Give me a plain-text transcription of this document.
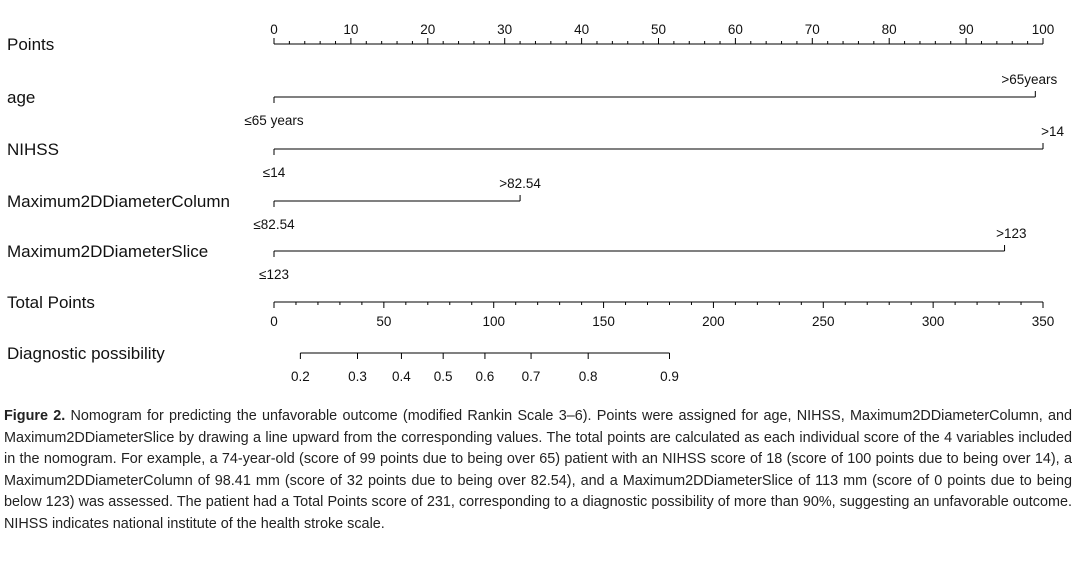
Points
0	10	20	30	40	50	60	70	80	90	100
age
≤65 years
>65years
NIHSS
≤14
>14
Maximum2DDiameterColumn
≤82.54
>82.54
Maximum2DDiameterSlice
≤123
>123
Total Points
0	50	100	150	200	250	300	350
Diagnostic possibility
0.2	0.3 0.4 0.5 0.6 0.7	0.8	0.9

Figure 2. Nomogram for predicting the unfavorable outcome (modified Rankin Scale 3–6). Points were assigned for age, NIHSS, Maximum2DDiameterColumn, and Maximum2DDiameterSlice by drawing a line upward from the corresponding values. The total points are calculated as each individual score of the 4 variables included in the nomogram. For example, a 74-year-old (score of 99 points due to being over 65) patient with an NIHSS score of 18 (score of 100 points due to being over 14), a Maximum2DDiameterColumn of 98.41 mm (score of 32 points due to being over 82.54), and a Maximum2DDiameterSlice of 113 mm (score of 0 points due to being below 123) was assessed. The patient had a Total Points score of 231, corresponding to a diagnostic possibility of more than 90%, suggesting an unfavorable outcome. NIHSS indicates national institute of the health stroke scale.
